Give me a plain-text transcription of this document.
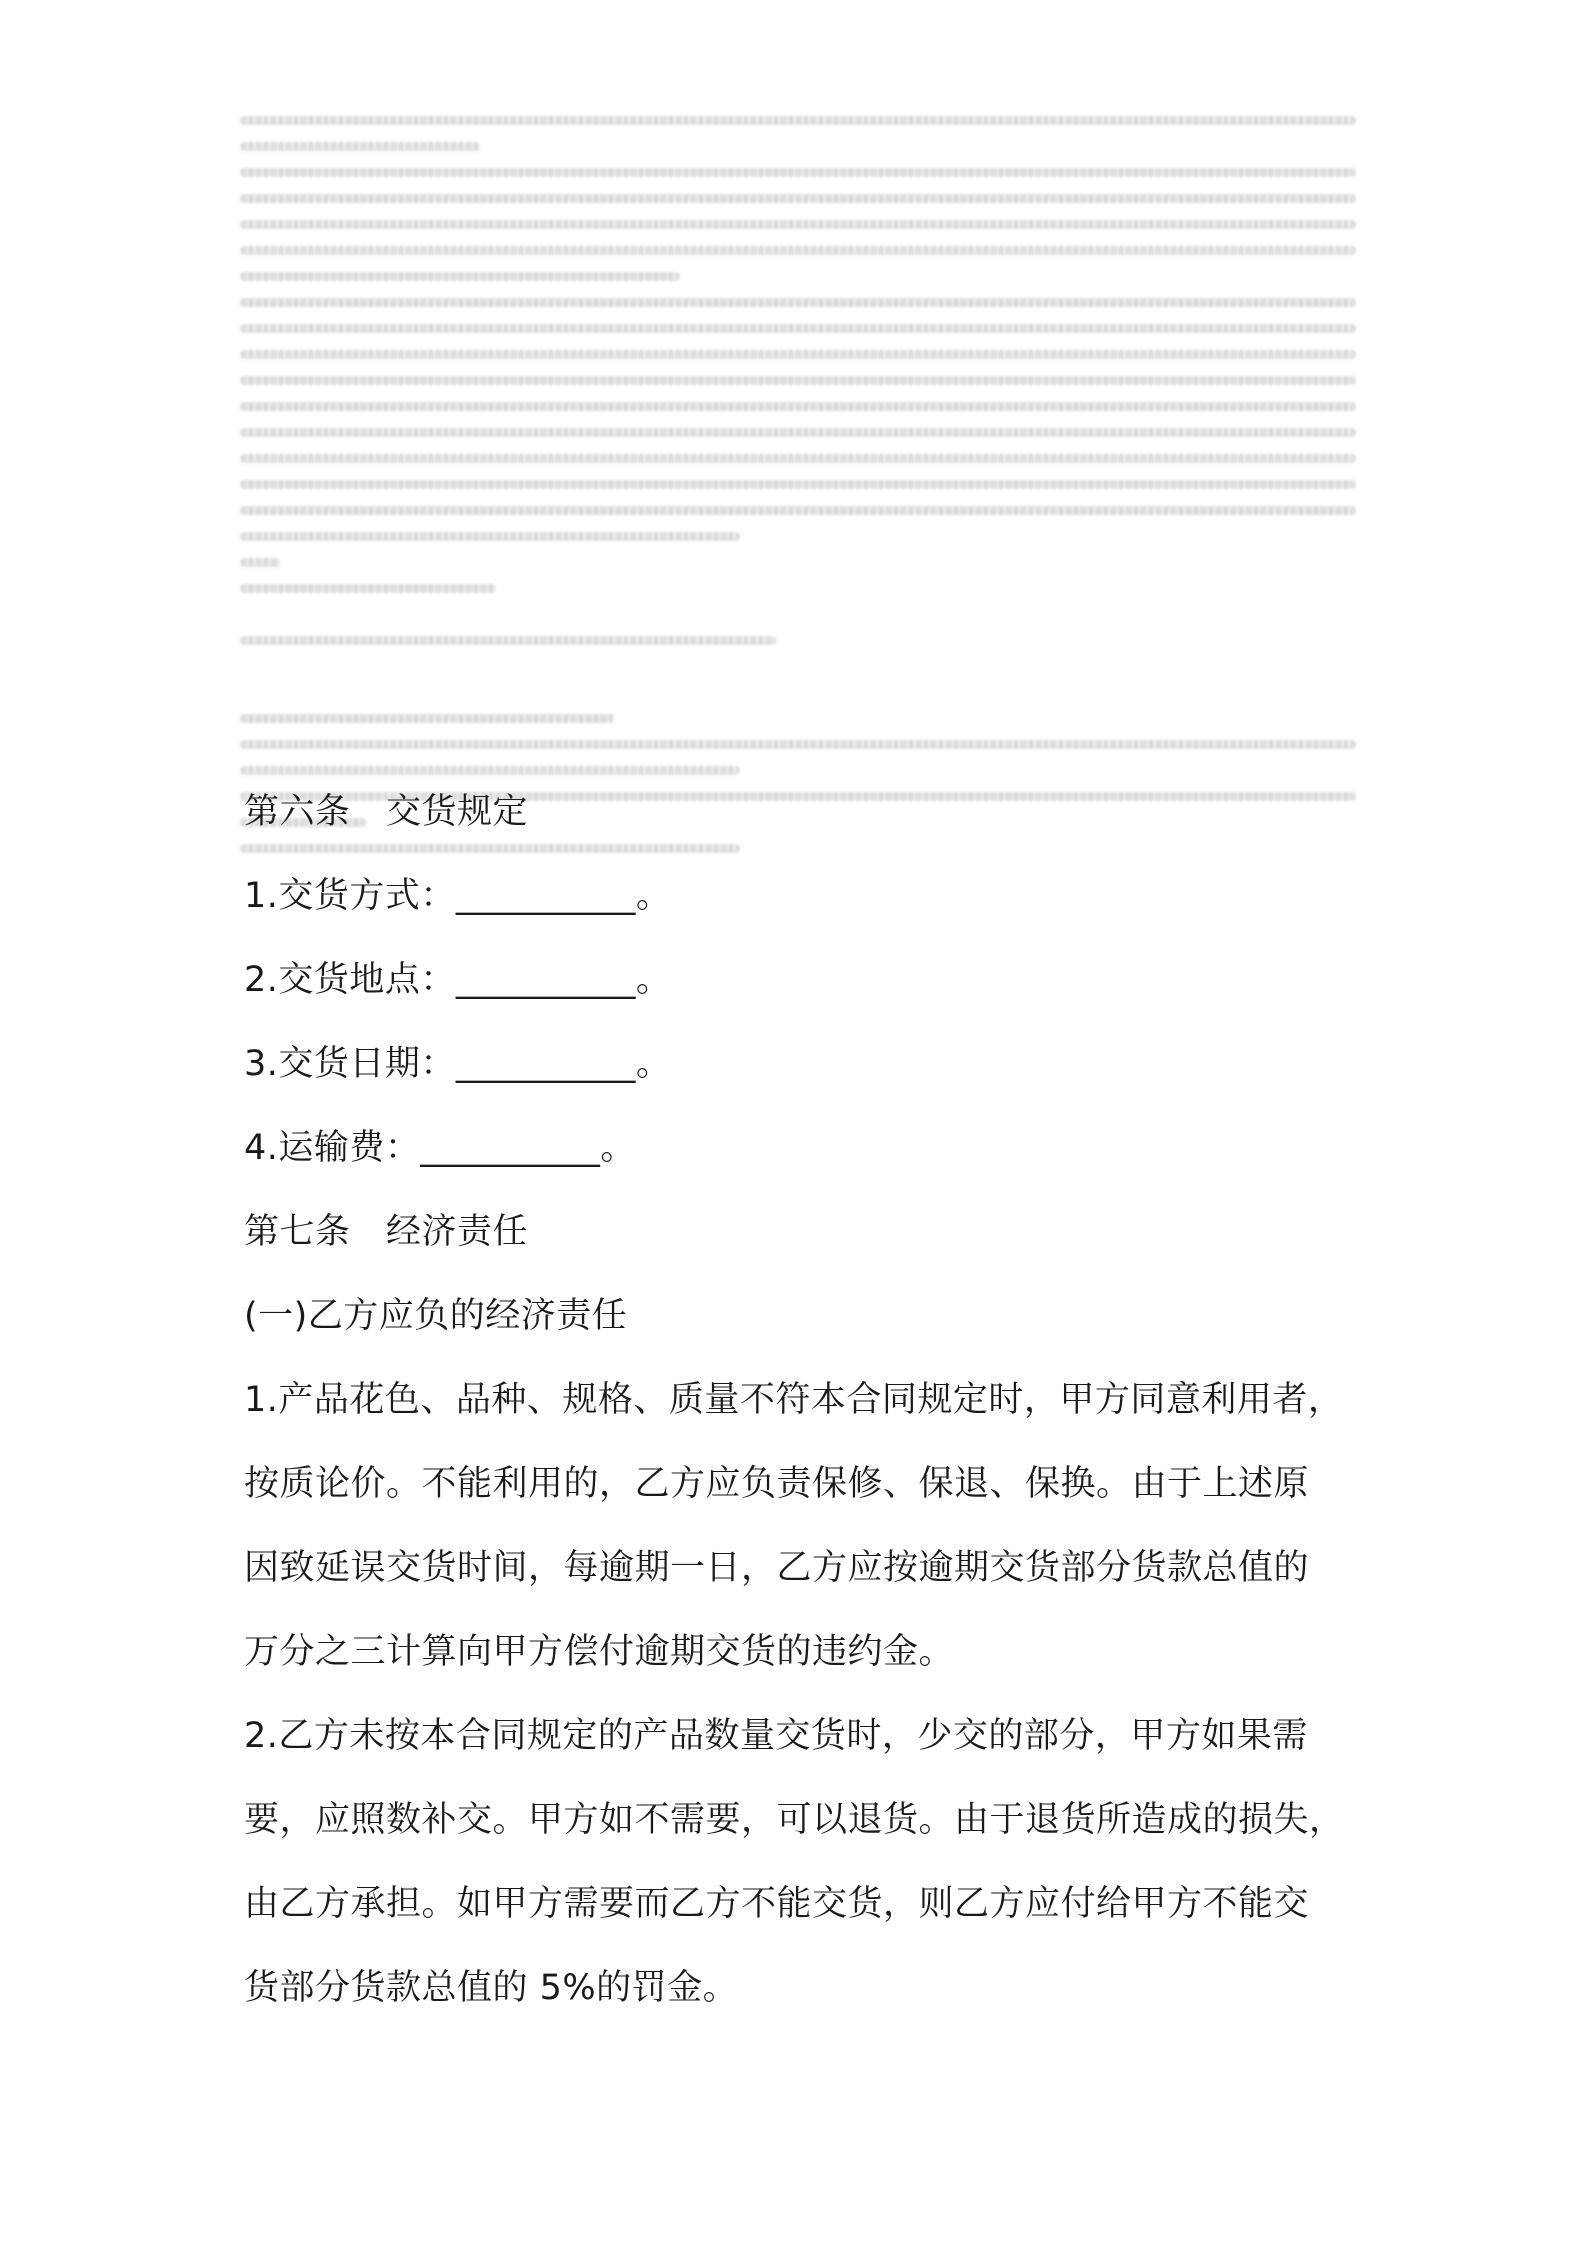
第六条　交货规定

1.交货方式：__________。

2.交货地点：__________。

3.交货日期：__________。

4.运输费：__________。

第七条　经济责任

(一)乙方应负的经济责任

1.产品花色、品种、规格、质量不符本合同规定时，甲方同意利用者，

按质论价。不能利用的，乙方应负责保修、保退、保换。由于上述原

因致延误交货时间，每逾期一日，乙方应按逾期交货部分货款总值的

万分之三计算向甲方偿付逾期交货的违约金。

2.乙方未按本合同规定的产品数量交货时，少交的部分，甲方如果需

要，应照数补交。甲方如不需要，可以退货。由于退货所造成的损失，

由乙方承担。如甲方需要而乙方不能交货，则乙方应付给甲方不能交

货部分货款总值的 5%的罚金。
